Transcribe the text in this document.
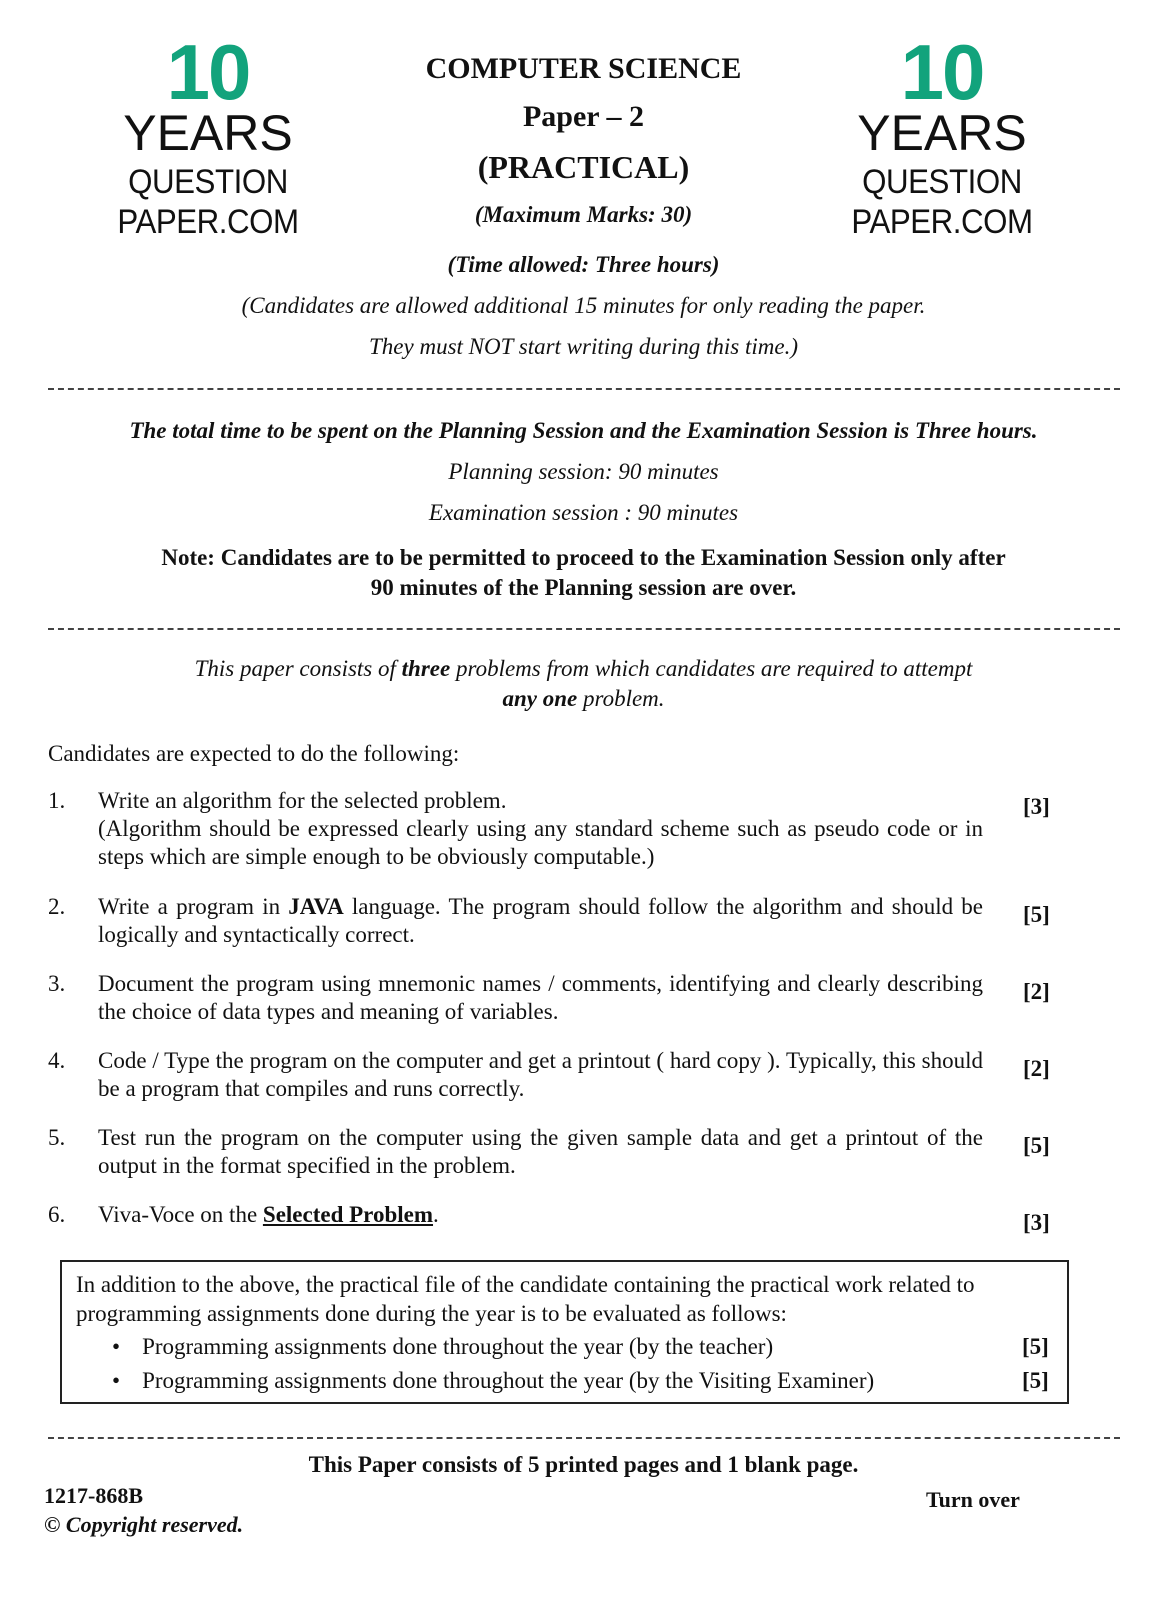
10
YEARS
QUESTION PAPER.COM
10
YEARS
QUESTION PAPER.COM
COMPUTER SCIENCE
Paper – 2
(PRACTICAL)
(Maximum Marks: 30)
(Time allowed: Three hours)
(Candidates are allowed additional 15 minutes for only reading the paper.
They must NOT start writing during this time.)
The total time to be spent on the Planning Session and the Examination Session is Three hours.
Planning session: 90 minutes
Examination session : 90 minutes
Note: Candidates are to be permitted to proceed to the Examination Session only after
90 minutes of the Planning session are over.
This paper consists of three problems from which candidates are required to attempt
any one problem.
Candidates are expected to do the following:
1.	Write an algorithm for the selected problem.
(Algorithm should be expressed clearly using any standard scheme such as pseudo code or in steps which are simple enough to be obviously computable.)
[3]
2.	Write a program in JAVA language. The program should follow the algorithm and should be logically and syntactically correct.
[5]
3.	Document the program using mnemonic names / comments, identifying and clearly describing the choice of data types and meaning of variables.
[2]
4.	Code / Type the program on the computer and get a printout ( hard copy ). Typically, this should be a program that compiles and runs correctly.
[2]
5.	Test run the program on the computer using the given sample data and get a printout of the output in the format specified in the problem.
[5]
6.	Viva-Voce on the Selected Problem.	[3]
In addition to the above, the practical file of the candidate containing the practical work related to programming assignments done during the year is to be evaluated as follows:
• Programming assignments done throughout the year (by the teacher)	[5]
• Programming assignments done throughout the year (by the Visiting Examiner)	[5]
This Paper consists of 5 printed pages and 1 blank page.
1217-868B
© Copyright reserved.
Turn over
